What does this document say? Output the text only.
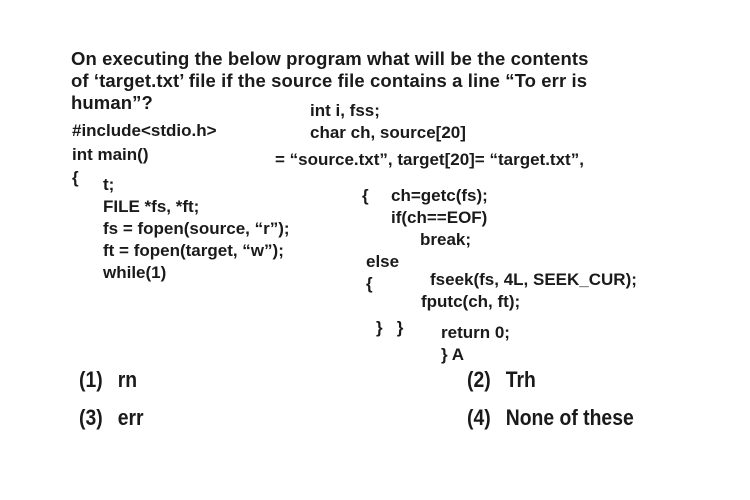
On executing the below program what will be the contents
of ‘target.txt’ file if the source file contains a line “To err is
human”?
#include<stdio.h>
int main()
{ t;
FILE *fs, *ft;
fs = fopen(source, “r”);
ft = fopen(target, “w”);
while(1)
int i, fss;
char ch, source[20]
= “source.txt”, target[20]= “target.txt”,
{ ch=getc(fs);
if(ch==EOF)
break;
else
{	fseek(fs, 4L, SEEK_CUR);
fputc(ch, ft);
}   } return 0;
} A
(1) rn	(2) Trh
(3) err	(4) None of these
